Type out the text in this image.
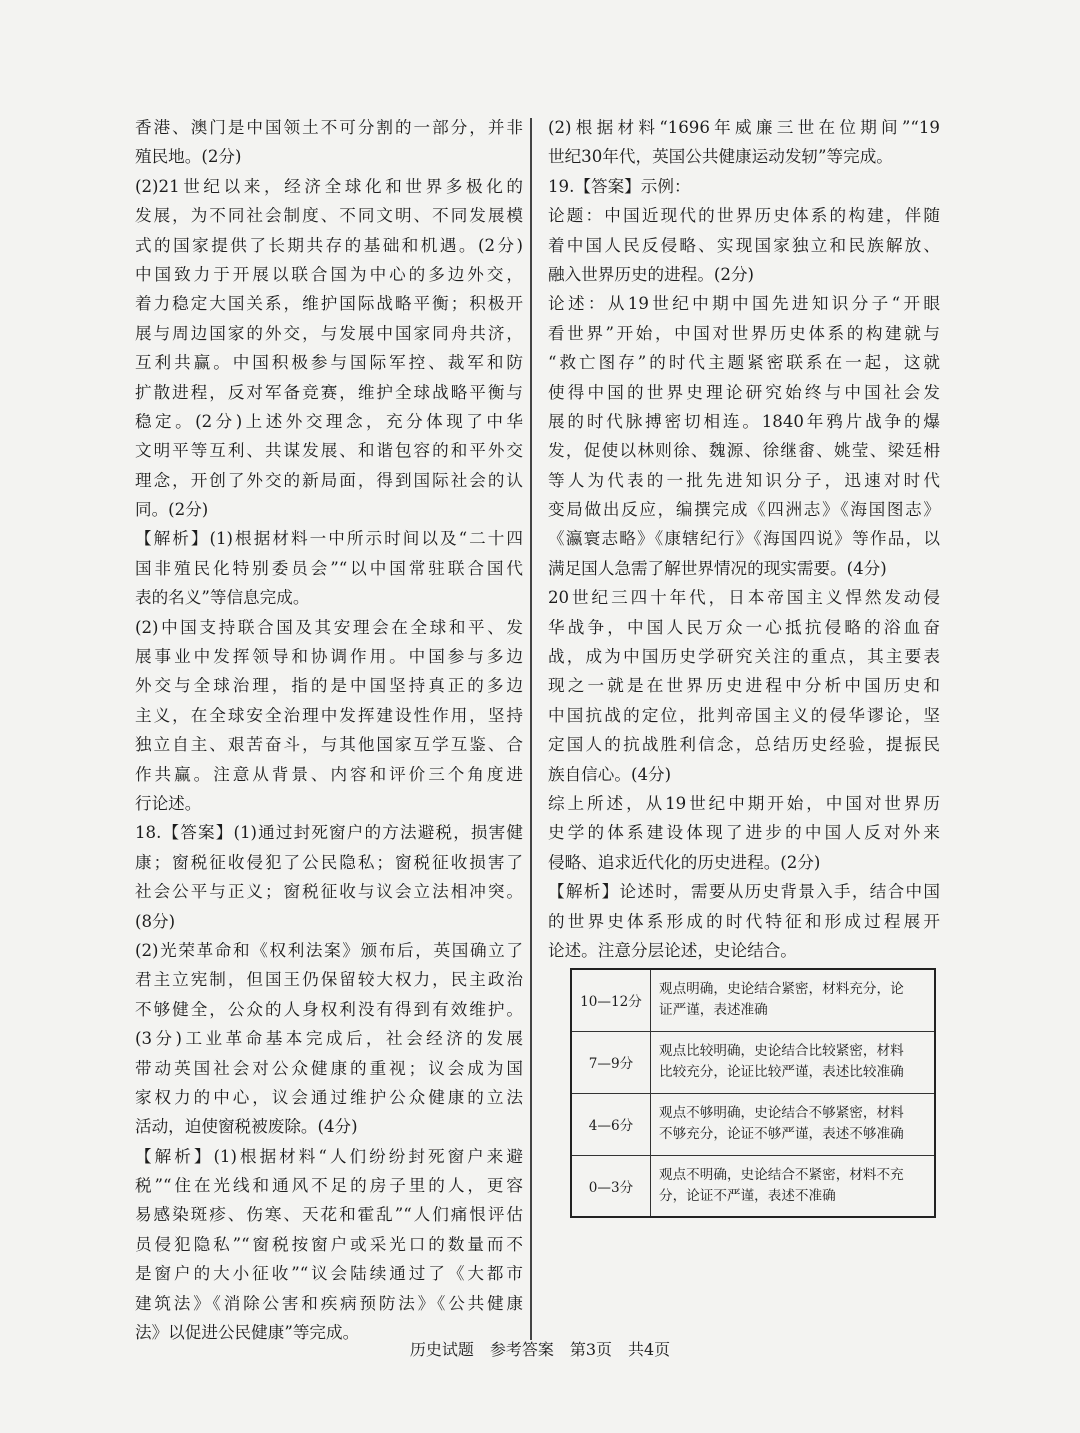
香港、澳门是中国领土不可分割的一部分，并非
殖民地。(2分)
(2)21世纪以来，经济全球化和世界多极化的
发展，为不同社会制度、不同文明、不同发展模
式的国家提供了长期共存的基础和机遇。(2分)
中国致力于开展以联合国为中心的多边外交，
着力稳定大国关系，维护国际战略平衡；积极开
展与周边国家的外交，与发展中国家同舟共济，
互利共赢。中国积极参与国际军控、裁军和防
扩散进程，反对军备竞赛，维护全球战略平衡与
稳定。(2分)上述外交理念，充分体现了中华
文明平等互利、共谋发展、和谐包容的和平外交
理念，开创了外交的新局面，得到国际社会的认
同。(2分)
【解析】(1)根据材料一中所示时间以及“二十四
国非殖民化特别委员会”“以中国常驻联合国代
表的名义”等信息完成。
(2)中国支持联合国及其安理会在全球和平、发
展事业中发挥领导和协调作用。中国参与多边
外交与全球治理，指的是中国坚持真正的多边
主义，在全球安全治理中发挥建设性作用，坚持
独立自主、艰苦奋斗，与其他国家互学互鉴、合
作共赢。注意从背景、内容和评价三个角度进
行论述。
18.【答案】(1)通过封死窗户的方法避税，损害健
康；窗税征收侵犯了公民隐私；窗税征收损害了
社会公平与正义；窗税征收与议会立法相冲突。
(8分)
(2)光荣革命和《权利法案》颁布后，英国确立了
君主立宪制，但国王仍保留较大权力，民主政治
不够健全，公众的人身权利没有得到有效维护。
(3分)工业革命基本完成后，社会经济的发展
带动英国社会对公众健康的重视；议会成为国
家权力的中心，议会通过维护公众健康的立法
活动，迫使窗税被废除。(4分)
【解析】(1)根据材料“人们纷纷封死窗户来避
税”“住在光线和通风不足的房子里的人，更容
易感染斑疹、伤寒、天花和霍乱”“人们痛恨评估
员侵犯隐私”“窗税按窗户或采光口的数量而不
是窗户的大小征收”“议会陆续通过了《大都市
建筑法》《消除公害和疾病预防法》《公共健康
法》以促进公民健康”等完成。
(2)根据材料“1696年威廉三世在位期间”“19
世纪30年代，英国公共健康运动发轫”等完成。
19.【答案】示例：
论题：中国近现代的世界历史体系的构建，伴随
着中国人民反侵略、实现国家独立和民族解放、
融入世界历史的进程。(2分)
论述：从19世纪中期中国先进知识分子“开眼
看世界”开始，中国对世界历史体系的构建就与
“救亡图存”的时代主题紧密联系在一起，这就
使得中国的世界史理论研究始终与中国社会发
展的时代脉搏密切相连。1840年鸦片战争的爆
发，促使以林则徐、魏源、徐继畬、姚莹、梁廷枏
等人为代表的一批先进知识分子，迅速对时代
变局做出反应，编撰完成《四洲志》《海国图志》
《瀛寰志略》《康辖纪行》《海国四说》等作品，以
满足国人急需了解世界情况的现实需要。(4分)
20世纪三四十年代，日本帝国主义悍然发动侵
华战争，中国人民万众一心抵抗侵略的浴血奋
战，成为中国历史学研究关注的重点，其主要表
现之一就是在世界历史进程中分析中国历史和
中国抗战的定位，批判帝国主义的侵华谬论，坚
定国人的抗战胜利信念，总结历史经验，提振民
族自信心。(4分)
综上所述，从19世纪中期开始，中国对世界历
史学的体系建设体现了进步的中国人反对外来
侵略、追求近代化的历史进程。(2分)
【解析】论述时，需要从历史背景入手，结合中国
的世界史体系形成的时代特征和形成过程展开
论述。注意分层论述，史论结合。
10—12分	观点明确，史论结合紧密，材料充分，论
证严谨，表述准确

7—9分	观点比较明确，史论结合比较紧密，材料
比较充分，论证比较严谨，表述比较准确

4—6分	观点不够明确，史论结合不够紧密，材料
不够充分，论证不够严谨，表述不够准确

0—3分	观点不明确，史论结合不紧密，材料不充
分，论证不严谨，表述不准确
历史试题　参考答案　第3页　共4页
